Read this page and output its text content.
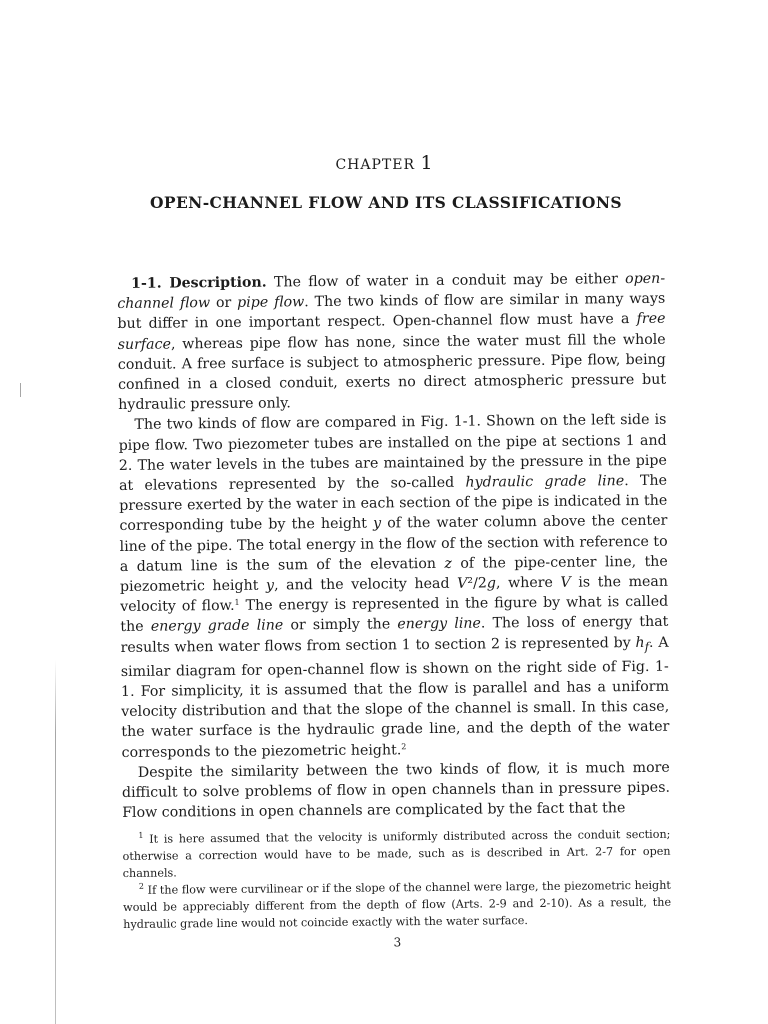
CHAPTER 1
OPEN-CHANNEL FLOW AND ITS CLASSIFICATIONS

1-1. Description. The flow of water in a conduit may be either open-channel flow or pipe flow. The two kinds of flow are similar in many ways but differ in one important respect. Open-channel flow must have a free surface, whereas pipe flow has none, since the water must fill the whole conduit. A free surface is subject to atmospheric pressure. Pipe flow, being confined in a closed conduit, exerts no direct atmospheric pressure but hydraulic pressure only.

The two kinds of flow are compared in Fig. 1-1. Shown on the left side is pipe flow. Two piezometer tubes are installed on the pipe at sections 1 and 2. The water levels in the tubes are maintained by the pressure in the pipe at elevations represented by the so-called hydraulic grade line. The pressure exerted by the water in each section of the pipe is indicated in the corresponding tube by the height y of the water column above the center line of the pipe. The total energy in the flow of the section with reference to a datum line is the sum of the elevation z of the pipe-center line, the piezometric height y, and the velocity head V²/2g, where V is the mean velocity of flow.$^1$ The energy is represented in the figure by what is called the energy grade line or simply the energy line. The loss of energy that results when water flows from section 1 to section 2 is represented by $h_f$. A similar diagram for open-channel flow is shown on the right side of Fig. 1-1. For simplicity, it is assumed that the flow is parallel and has a uniform velocity distribution and that the slope of the channel is small. In this case, the water surface is the hydraulic grade line, and the depth of the water corresponds to the piezometric height.$^2$

Despite the similarity between the two kinds of flow, it is much more difficult to solve problems of flow in open channels than in pressure pipes. Flow conditions in open channels are complicated by the fact that the

$^1$ It is here assumed that the velocity is uniformly distributed across the conduit section; otherwise a correction would have to be made, such as is described in Art. 2-7 for open channels.

$^2$ If the flow were curvilinear or if the slope of the channel were large, the piezometric height would be appreciably different from the depth of flow (Arts. 2-9 and 2-10). As a result, the hydraulic grade line would not coincide exactly with the water surface.

3
